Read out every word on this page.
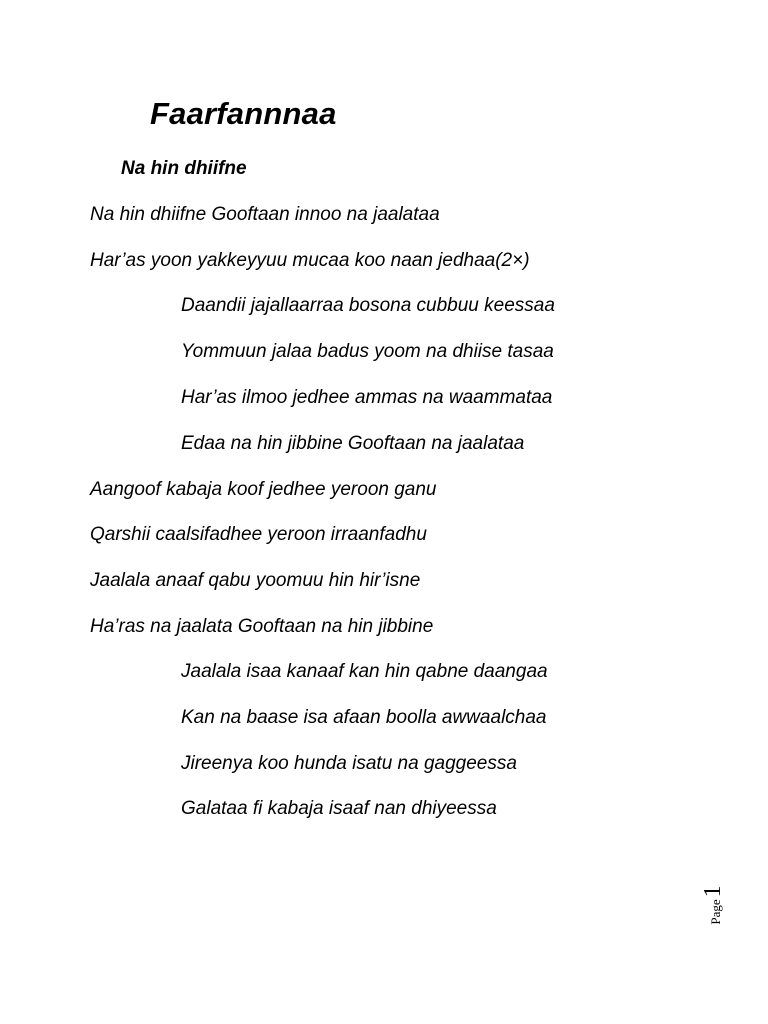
Faarfannnaa
Na hin dhiifne
Na hin dhiifne Gooftaan innoo na jaalataa
Har’as yoon yakkeyyuu mucaa koo naan jedhaa(2×)
Daandii jajallaarraa bosona cubbuu keessaa
Yommuun jalaa badus yoom na dhiise tasaa
Har’as ilmoo jedhee ammas na waammataa
Edaa na hin jibbine Gooftaan na jaalataa
Aangoof kabaja koof jedhee yeroon ganu
Qarshii caalsifadhee yeroon irraanfadhu
Jaalala anaaf qabu yoomuu hin hir’isne
Ha’ras na jaalata Gooftaan na hin jibbine
Jaalala isaa kanaaf kan hin qabne daangaa
Kan na baase isa afaan boolla awwaalchaa
Jireenya koo hunda isatu na gaggeessa
Galataa fi kabaja isaaf nan dhiyeessa
Page
1
